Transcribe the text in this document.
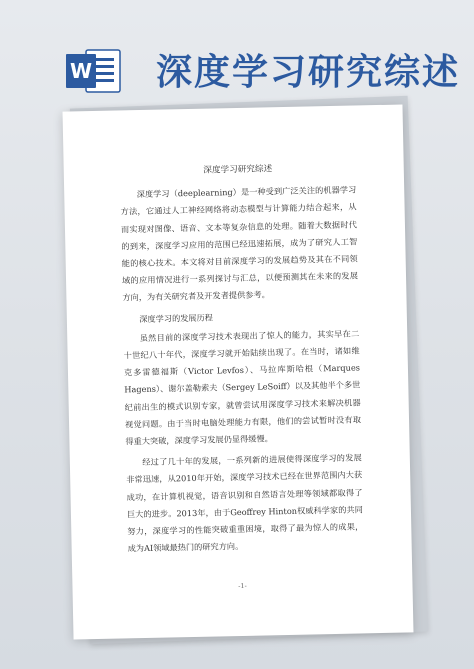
W 深度学习研究综述
深度学习研究综述

深度学习（deeplearning）是一种受到广泛关注的机器学习方法，它通过人工神经网络将动态模型与计算能力结合起来，从而实现对图像、语音、文本等复杂信息的处理。随着大数据时代的到来，深度学习应用的范围已经迅速拓展，成为了研究人工智能的核心技术。本文将对目前深度学习的发展趋势及其在不同领域的应用情况进行一系列探讨与汇总，以便预测其在未来的发展方向，为有关研究者及开发者提供参考。

深度学习的发展历程

虽然目前的深度学习技术表现出了惊人的能力，其实早在二十世纪八十年代，深度学习就开始陆续出现了。在当时，诸如维克多雷德福斯（Victor Levfos）、马拉库斯哈根（Marques Hagens）、谢尔盖勒索夫（Sergey LeSoiff）以及其他半个多世纪前出生的模式识别专家，就曾尝试用深度学习技术来解决机器视觉问题。由于当时电脑处理能力有限，他们的尝试暂时没有取得重大突破，深度学习发展仍显得缓慢。

经过了几十年的发展，一系列新的进展使得深度学习的发展非常迅速，从2010年开始，深度学习技术已经在世界范围内大获成功，在计算机视觉，语音识别和自然语言处理等领域都取得了巨大的进步。2013年，由于Geoffrey Hinton权威科学家的共同努力，深度学习的性能突破重重困境，取得了最为惊人的成果，成为AI领域最热门的研究方向。

-1-
